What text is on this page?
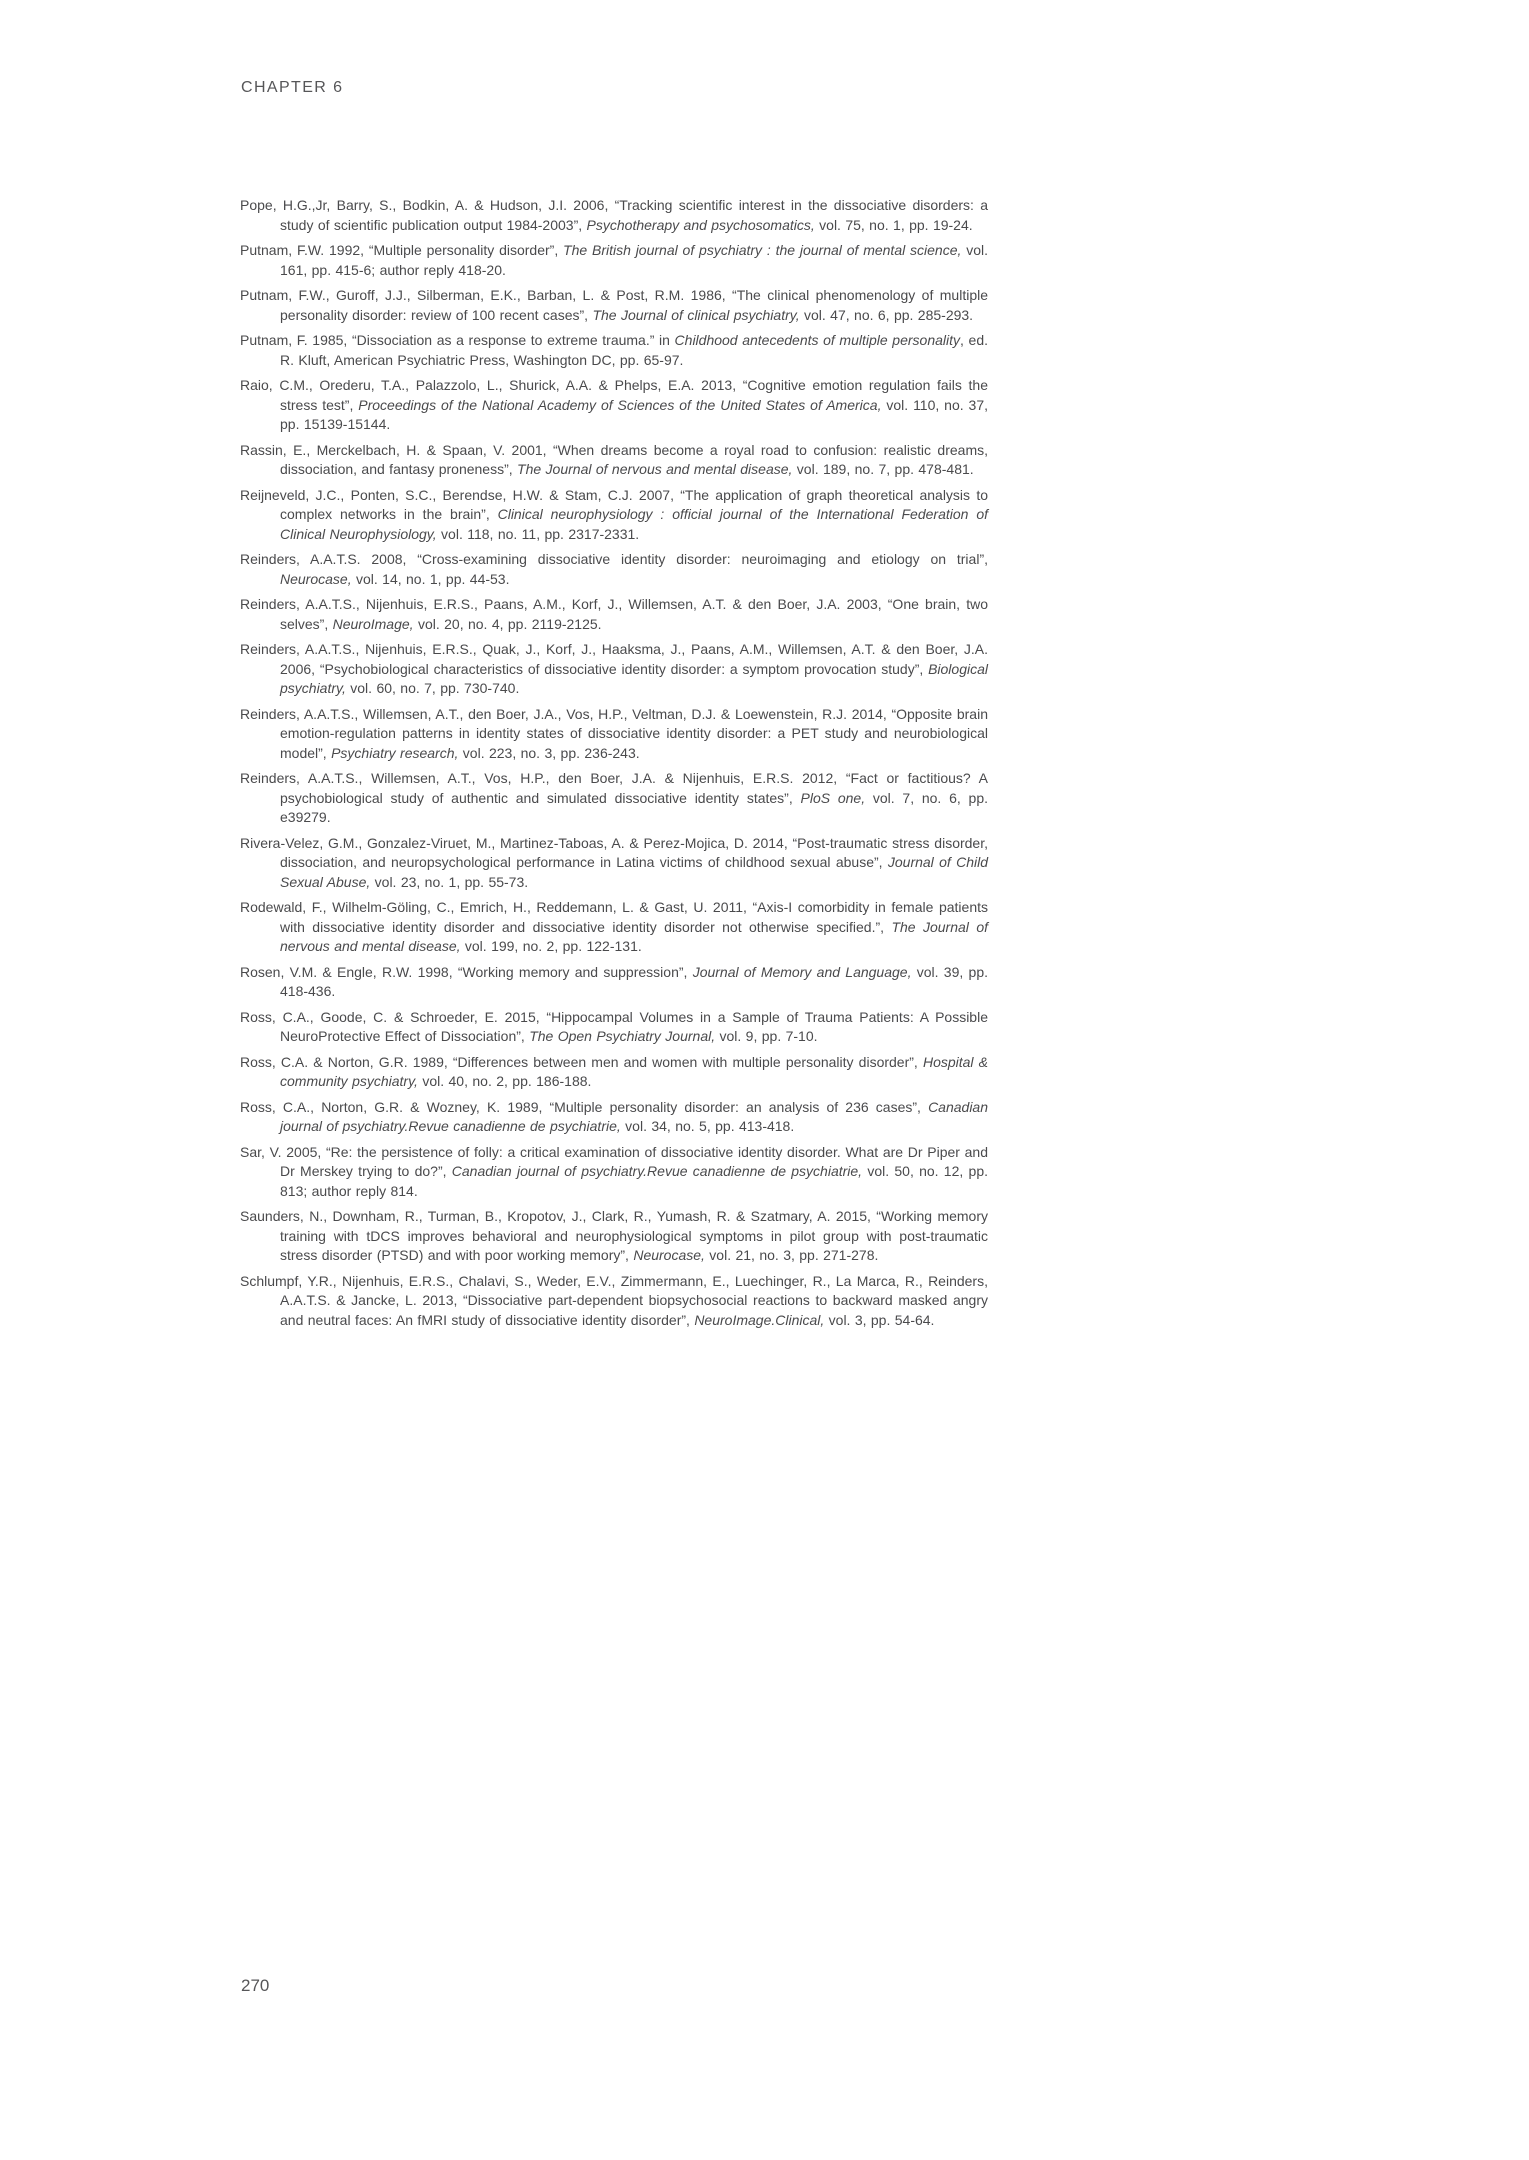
CHAPTER 6

Pope, H.G.,Jr, Barry, S., Bodkin, A. & Hudson, J.I. 2006, “Tracking scientific interest in the dissociative disorders: a study of scientific publication output 1984-2003”, Psychotherapy and psychosomatics, vol. 75, no. 1, pp. 19-24.

Putnam, F.W. 1992, “Multiple personality disorder”, The British journal of psychiatry : the journal of mental science, vol. 161, pp. 415-6; author reply 418-20.

Putnam, F.W., Guroff, J.J., Silberman, E.K., Barban, L. & Post, R.M. 1986, “The clinical phenomenology of multiple personality disorder: review of 100 recent cases”, The Journal of clinical psychiatry, vol. 47, no. 6, pp. 285-293.

Putnam, F. 1985, “Dissociation as a response to extreme trauma.” in Childhood antecedents of multiple personality, ed. R. Kluft, American Psychiatric Press, Washington DC, pp. 65-97.

Raio, C.M., Orederu, T.A., Palazzolo, L., Shurick, A.A. & Phelps, E.A. 2013, “Cognitive emotion regulation fails the stress test”, Proceedings of the National Academy of Sciences of the United States of America, vol. 110, no. 37, pp. 15139-15144.

Rassin, E., Merckelbach, H. & Spaan, V. 2001, “When dreams become a royal road to confusion: realistic dreams, dissociation, and fantasy proneness”, The Journal of nervous and mental disease, vol. 189, no. 7, pp. 478-481.

Reijneveld, J.C., Ponten, S.C., Berendse, H.W. & Stam, C.J. 2007, “The application of graph theoretical analysis to complex networks in the brain”, Clinical neurophysiology : official journal of the International Federation of Clinical Neurophysiology, vol. 118, no. 11, pp. 2317-2331.

Reinders, A.A.T.S. 2008, “Cross-examining dissociative identity disorder: neuroimaging and etiology on trial”, Neurocase, vol. 14, no. 1, pp. 44-53.

Reinders, A.A.T.S., Nijenhuis, E.R.S., Paans, A.M., Korf, J., Willemsen, A.T. & den Boer, J.A. 2003, “One brain, two selves”, NeuroImage, vol. 20, no. 4, pp. 2119-2125.

Reinders, A.A.T.S., Nijenhuis, E.R.S., Quak, J., Korf, J., Haaksma, J., Paans, A.M., Willemsen, A.T. & den Boer, J.A. 2006, “Psychobiological characteristics of dissociative identity disorder: a symptom provocation study”, Biological psychiatry, vol. 60, no. 7, pp. 730-740.

Reinders, A.A.T.S., Willemsen, A.T., den Boer, J.A., Vos, H.P., Veltman, D.J. & Loewenstein, R.J. 2014, “Opposite brain emotion-regulation patterns in identity states of dissociative identity disorder: a PET study and neurobiological model”, Psychiatry research, vol. 223, no. 3, pp. 236-243.

Reinders, A.A.T.S., Willemsen, A.T., Vos, H.P., den Boer, J.A. & Nijenhuis, E.R.S. 2012, “Fact or factitious? A psychobiological study of authentic and simulated dissociative identity states”, PloS one, vol. 7, no. 6, pp. e39279.

Rivera-Velez, G.M., Gonzalez-Viruet, M., Martinez-Taboas, A. & Perez-Mojica, D. 2014, “Post-traumatic stress disorder, dissociation, and neuropsychological performance in Latina victims of childhood sexual abuse”, Journal of Child Sexual Abuse, vol. 23, no. 1, pp. 55-73.

Rodewald, F., Wilhelm-Göling, C., Emrich, H., Reddemann, L. & Gast, U. 2011, “Axis-I comorbidity in female patients with dissociative identity disorder and dissociative identity disorder not otherwise specified.”, The Journal of nervous and mental disease, vol. 199, no. 2, pp. 122-131.

Rosen, V.M. & Engle, R.W. 1998, “Working memory and suppression”, Journal of Memory and Language, vol. 39, pp. 418-436.

Ross, C.A., Goode, C. & Schroeder, E. 2015, “Hippocampal Volumes in a Sample of Trauma Patients: A Possible NeuroProtective Effect of Dissociation”, The Open Psychiatry Journal, vol. 9, pp. 7-10.

Ross, C.A. & Norton, G.R. 1989, “Differences between men and women with multiple personality disorder”, Hospital & community psychiatry, vol. 40, no. 2, pp. 186-188.

Ross, C.A., Norton, G.R. & Wozney, K. 1989, “Multiple personality disorder: an analysis of 236 cases”, Canadian journal of psychiatry.Revue canadienne de psychiatrie, vol. 34, no. 5, pp. 413-418.

Sar, V. 2005, “Re: the persistence of folly: a critical examination of dissociative identity disorder. What are Dr Piper and Dr Merskey trying to do?”, Canadian journal of psychiatry.Revue canadienne de psychiatrie, vol. 50, no. 12, pp. 813; author reply 814.

Saunders, N., Downham, R., Turman, B., Kropotov, J., Clark, R., Yumash, R. & Szatmary, A. 2015, “Working memory training with tDCS improves behavioral and neurophysiological symptoms in pilot group with post-traumatic stress disorder (PTSD) and with poor working memory”, Neurocase, vol. 21, no. 3, pp. 271-278.

Schlumpf, Y.R., Nijenhuis, E.R.S., Chalavi, S., Weder, E.V., Zimmermann, E., Luechinger, R., La Marca, R., Reinders, A.A.T.S. & Jancke, L. 2013, “Dissociative part-dependent biopsychosocial reactions to backward masked angry and neutral faces: An fMRI study of dissociative identity disorder”, NeuroImage.Clinical, vol. 3, pp. 54-64.

270
